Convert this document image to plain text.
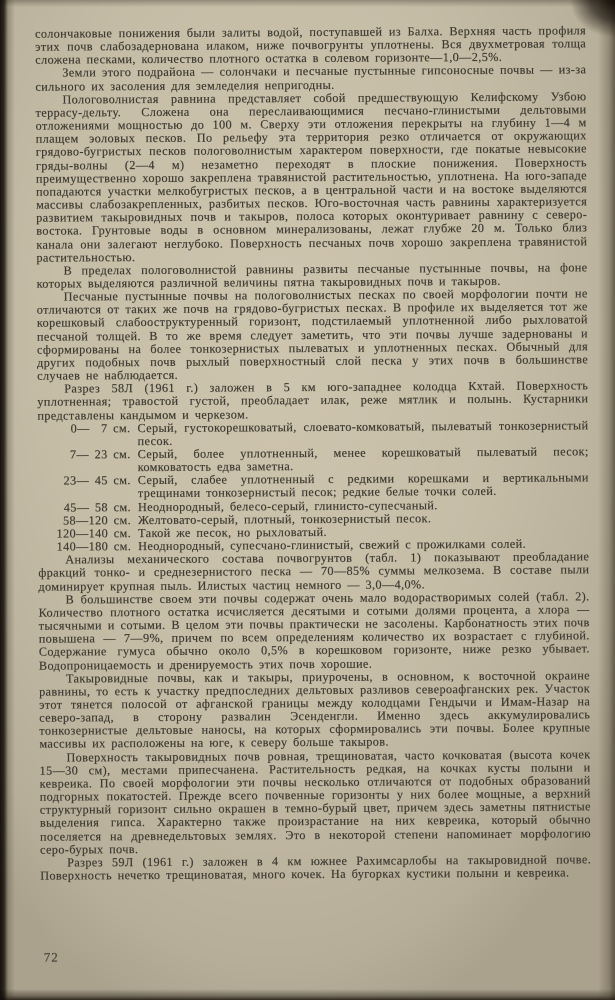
солончаковые понижения были залиты водой, поступавшей из Балха. Верхняя часть профиля этих почв слабозадернована илаком, ниже почвогрунты уплотнены. Вся двухметровая толща сложена песками, количество плотного остатка в солевом горизонте—1,0—2,5%.

Земли этого подрайона — солончаки и песчаные пустынные гипсоносные почвы — из-за сильного их засоления для земледелия непригодны.

Пологоволнистая равнина представляет собой предшествующую Келифскому Узбою террасу-дельту. Сложена она переслаивающимися песчано-глинистыми дельтовыми отложениями мощностью до 100 м. Сверху эти отложения перекрыты на глубину 1—4 м плащем эоловых песков. По рельефу эта территория резко отличается от окружающих грядово-бугристых песков пологоволнистым характером поверхности, где покатые невысокие гряды-волны (2—4 м) незаметно переходят в плоские понижения. Поверхность преимущественно хорошо закреплена травянистой растительностью, уплотнена. На юго-западе попадаются участки мелкобугристых песков, а в центральной части и на востоке выделяются массивы слабозакрепленных, разбитых песков. Юго-восточная часть равнины характеризуется развитием такыровидных почв и такыров, полоса которых оконтуривает равнину с северо-востока. Грунтовые воды в основном минерализованы, лежат глубже 20 м. Только близ канала они залегают неглубоко. Поверхность песчаных почв хорошо закреплена травянистой растительностью.

В пределах пологоволнистой равнины развиты песчаные пустынные почвы, на фоне которых выделяются различной величины пятна такыровидных почв и такыров.

Песчаные пустынные почвы на пологоволнистых песках по своей морфологии почти не отличаются от таких же почв на грядово-бугристых песках. В профиле их выделяется тот же корешковый слабооструктуренный горизонт, подстилаемый уплотненной либо рыхловатой песчаной толщей. В то же время следует заметить, что эти почвы лучше задернованы и сформированы на более тонкозернистых пылеватых и уплотненных песках. Обычный для других подобных почв рыхлый поверхностный слой песка у этих почв в большинстве случаев не наблюдается.

Разрез 58Л (1961 г.) заложен в 5 км юго-западнее колодца Кхтай. Поверхность уплотненная; травостой густой, преобладает илак, реже мятлик и полынь. Кустарники представлены кандымом и черкезом.

0—  7 см. Серый, густокорешковатый, слоевато-комковатый, пылеватый тонкозернистый песок.
7— 23 см. Серый, более уплотненный, менее корешковатый пылеватый песок; комковатость едва заметна.
23— 45 см. Серый, слабее уплотненный с редкими корешками и вертикальными трещинами тонкозернистый песок; редкие белые точки солей.
45— 58 см. Неоднородный, белесо-серый, глинисто-супесчаный.
58—120 см. Желтовато-серый, плотный, тонкозернистый песок.
120—140 см. Такой же песок, но рыхловатый.
140—180 см. Неоднородный, супесчано-глинистый, свежий с прожилками солей.

Анализы механического состава почвогрунтов (табл. 1) показывают преобладание фракций тонко- и среднезернистого песка — 70—85% суммы мелкозема. В составе пыли доминирует крупная пыль. Илистых частиц немного — 3,0—4,0%.

В большинстве своем эти почвы содержат очень мало водорастворимых солей (табл. 2). Количество плотного остатка исчисляется десятыми и сотыми долями процента, а хлора — тысячными и сотыми. В целом эти почвы практически не засолены. Карбонатность этих почв повышена — 7—9%, причем по всем определениям количество их возрастает с глубиной. Содержание гумуса обычно около 0,5% в корешковом горизонте, ниже резко убывает. Водопроницаемость и дренируемость этих почв хорошие.

Такыровидные почвы, как и такыры, приурочены, в основном, к восточной окраине равнины, то есть к участку предпоследних дельтовых разливов североафганских рек. Участок этот тянется полосой от афганской границы между колодцами Гендычи и Имам-Назар на северо-запад, в сторону развалин Эсенденгли. Именно здесь аккумулировались тонкозернистые дельтовые наносы, на которых сформировались эти почвы. Более крупные массивы их расположены на юге, к северу больше такыров.

Поверхность такыровидных почв ровная, трещиноватая, часто кочковатая (высота кочек 15—30 см), местами припесчанена. Растительность редкая, на кочках кусты полыни и кевреика. По своей морфологии эти почвы несколько отличаются от подобных образований подгорных покатостей. Прежде всего почвенные горизонты у них более мощные, а верхний структурный горизонт сильно окрашен в темно-бурый цвет, причем здесь заметны пятнистые выделения гипса. Характерно также произрастание на них кевреика, который обычно поселяется на древнедельтовых землях. Это в некоторой степени напоминает морфологию серо-бурых почв.

Разрез 59Л (1961 г.) заложен в 4 км южнее Рахимсарлобы на такыровидной почве. Поверхность нечетко трещиноватая, много кочек. На бугорках кустики полыни и кевреика.

72
